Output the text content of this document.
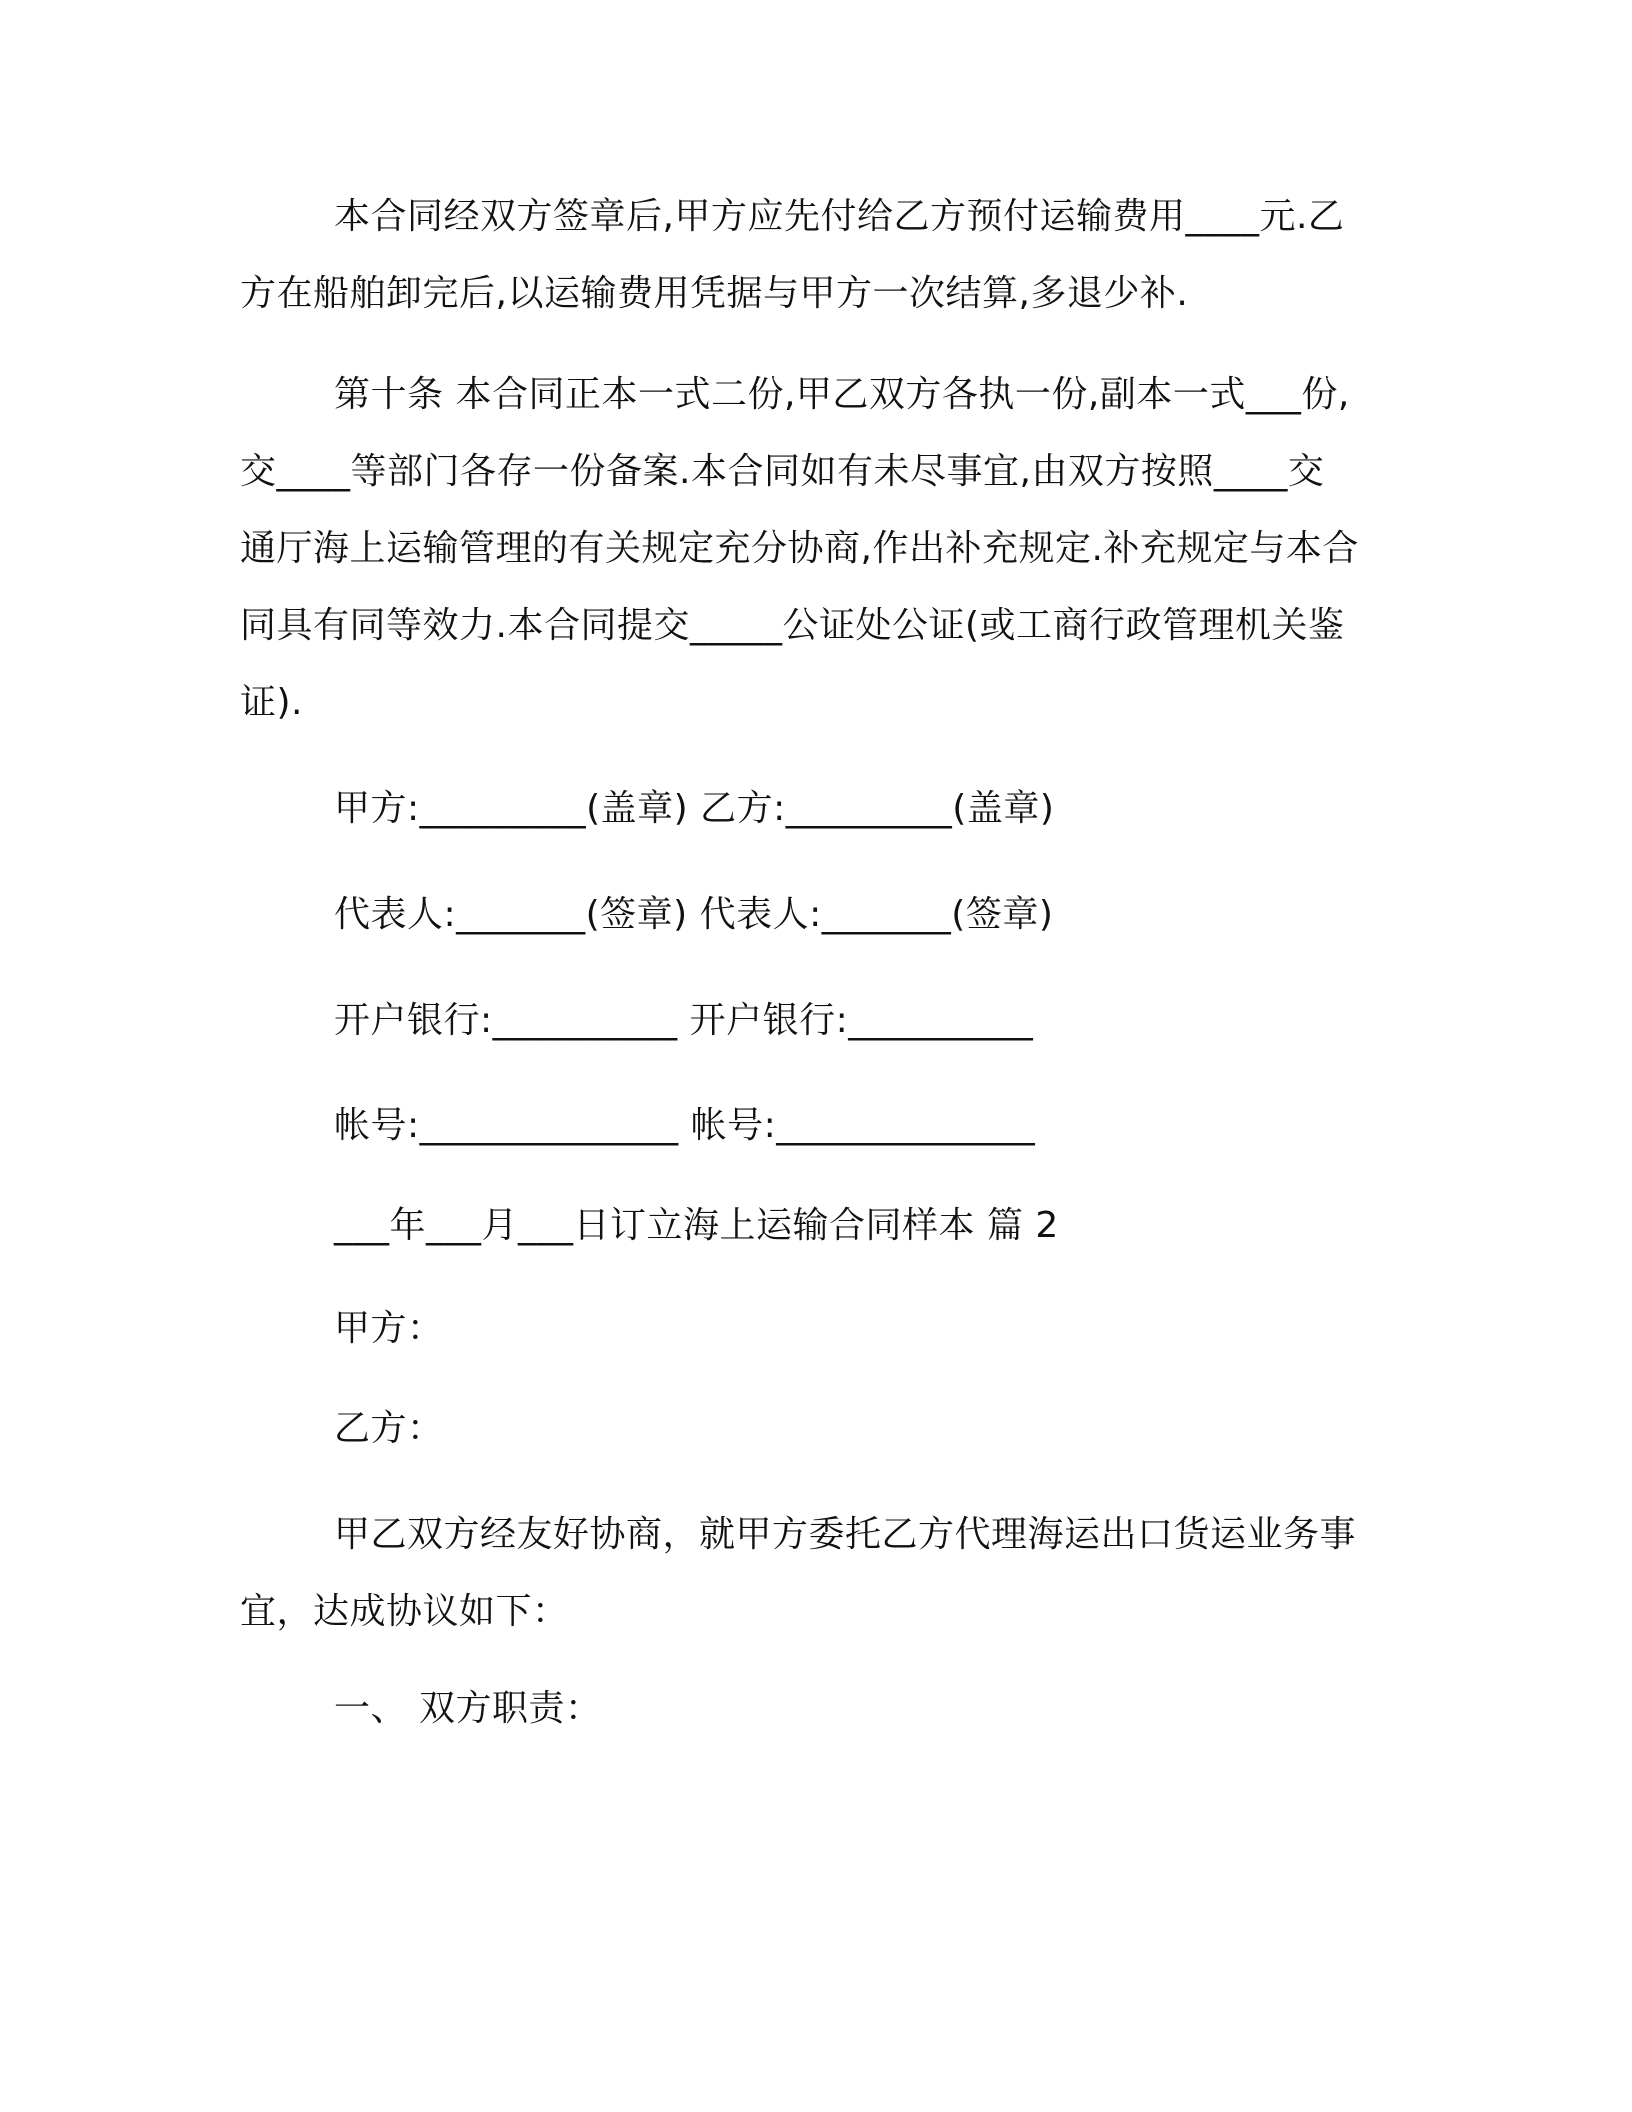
本合同经双方签章后,甲方应先付给乙方预付运输费用____元.乙
方在船舶卸完后,以运输费用凭据与甲方一次结算,多退少补.
第十条 本合同正本一式二份,甲乙双方各执一份,副本一式___份,
交____等部门各存一份备案.本合同如有未尽事宜,由双方按照____交
通厅海上运输管理的有关规定充分协商,作出补充规定.补充规定与本合
同具有同等效力.本合同提交_____公证处公证(或工商行政管理机关鉴
证).
甲方:_________(盖章) 乙方:_________(盖章)
代表人:_______(签章) 代表人:_______(签章)
开户银行:__________ 开户银行:__________
帐号:______________ 帐号:______________
___年___月___日订立海上运输合同样本 篇 2
甲方：
乙方：
甲乙双方经友好协商，就甲方委托乙方代理海运出口货运业务事
宜，达成协议如下：
一、 双方职责：
